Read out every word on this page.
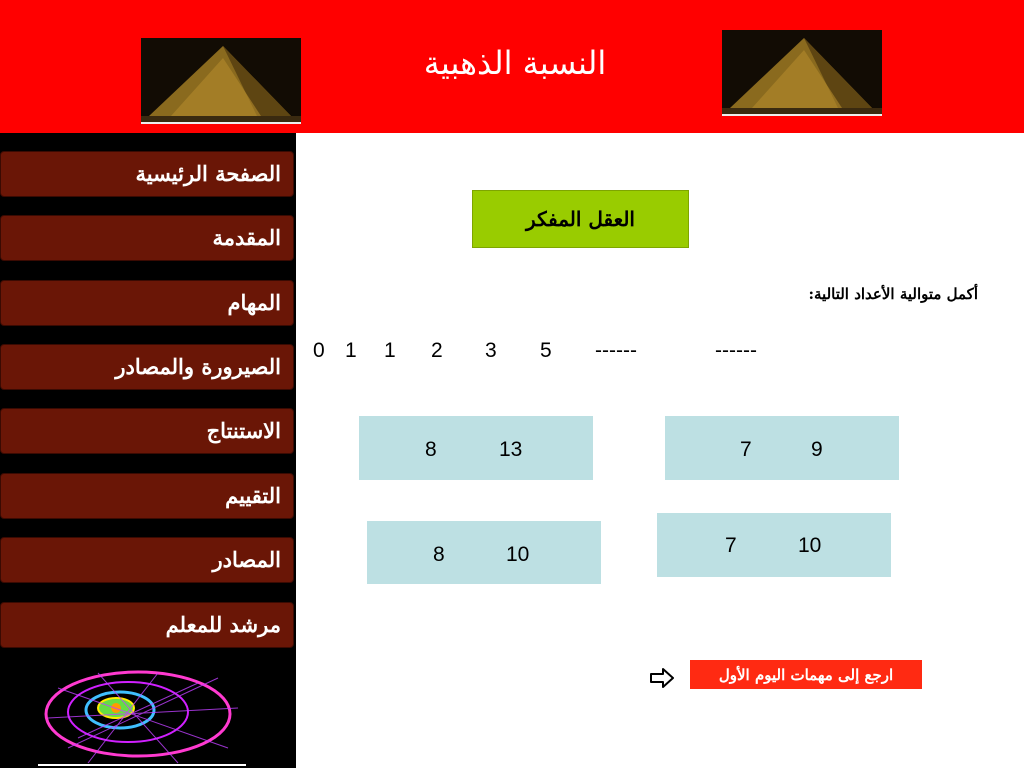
النسبة الذهبية
الصفحة الرئيسية
المقدمة
المهام
الصيرورة والمصادر
الاستنتاج
التقييم
المصادر
مرشد للمعلم
العقل المفكر
أكمل متوالية الأعداد التالية:
0 1 1 2 3 5 ------	------
8	13	7	9
8	10	7	10
ارجع إلى مهمات اليوم الأول
